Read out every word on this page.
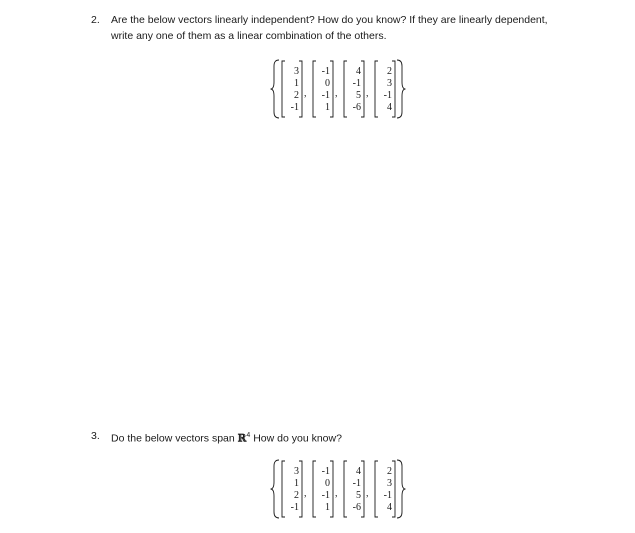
2. Are the below vectors linearly independent? How do you know? If they are linearly dependent,
write any one of them as a linear combination of the others.
3
1
2
-1
,
-1
0
-1
1
,
4
-1
5
-6
,
2
3
-1
4
3. Do the below vectors span ℝ$^4$ How do you know?
3
1
2
-1
,
-1
0
-1
1
,
4
-1
5
-6
,
2
3
-1
4
